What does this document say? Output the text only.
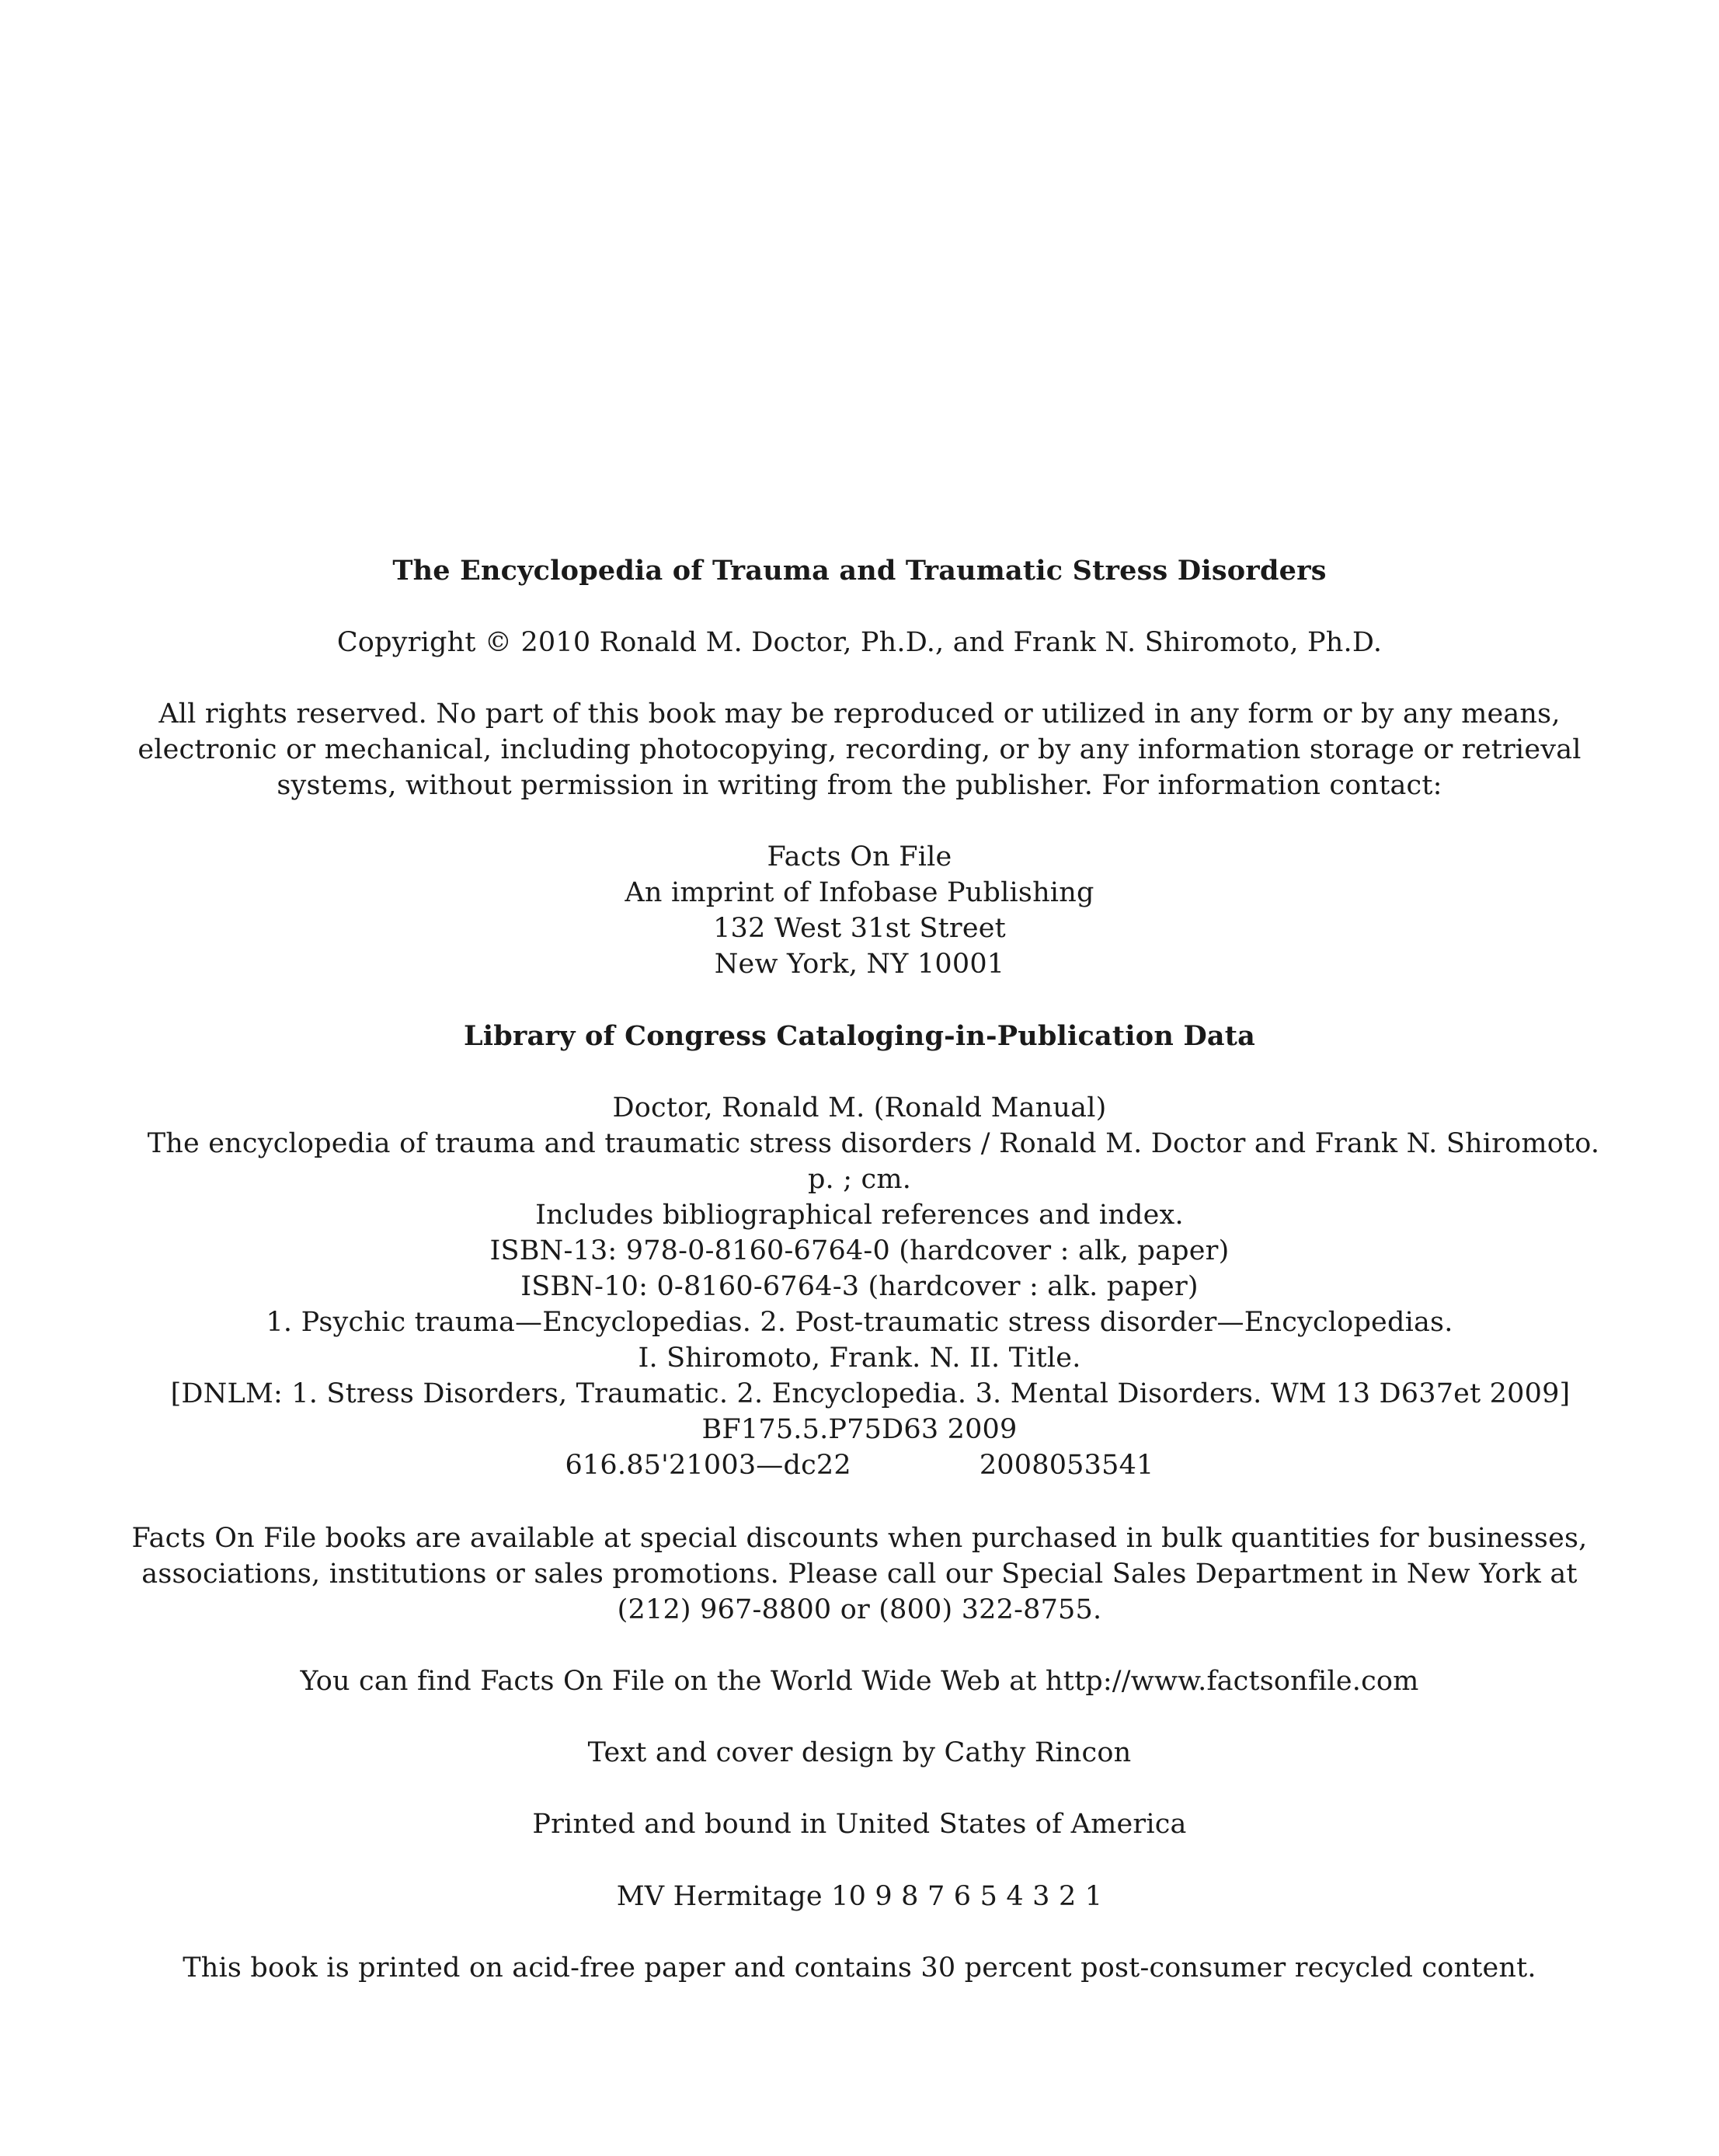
The Encyclopedia of Trauma and Traumatic Stress Disorders
Copyright © 2010 Ronald M. Doctor, Ph.D., and Frank N. Shiromoto, Ph.D.
All rights reserved. No part of this book may be reproduced or utilized in any form or by any means,
electronic or mechanical, including photocopying, recording, or by any information storage or retrieval
systems, without permission in writing from the publisher. For information contact:
Facts On File
An imprint of Infobase Publishing
132 West 31st Street
New York, NY 10001
Library of Congress Cataloging-in-Publication Data
Doctor, Ronald M. (Ronald Manual)
The encyclopedia of trauma and traumatic stress disorders / Ronald M. Doctor and Frank N. Shiromoto.
p. ; cm.
Includes bibliographical references and index.
ISBN-13: 978-0-8160-6764-0 (hardcover : alk, paper)
ISBN-10: 0-8160-6764-3 (hardcover : alk. paper)
1. Psychic trauma—Encyclopedias. 2. Post-traumatic stress disorder—Encyclopedias.
I. Shiromoto, Frank. N. II. Title.
[DNLM: 1. Stress Disorders, Traumatic. 2. Encyclopedia. 3. Mental Disorders. WM 13 D637et 2009]
BF175.5.P75D63 2009
616.85'21003—dc22	2008053541
Facts On File books are available at special discounts when purchased in bulk quantities for businesses,
associations, institutions or sales promotions. Please call our Special Sales Department in New York at
(212) 967-8800 or (800) 322-8755.
You can find Facts On File on the World Wide Web at http://www.factsonfile.com
Text and cover design by Cathy Rincon
Printed and bound in United States of America
MV Hermitage 10 9 8 7 6 5 4 3 2 1
This book is printed on acid-free paper and contains 30 percent post-consumer recycled content.
